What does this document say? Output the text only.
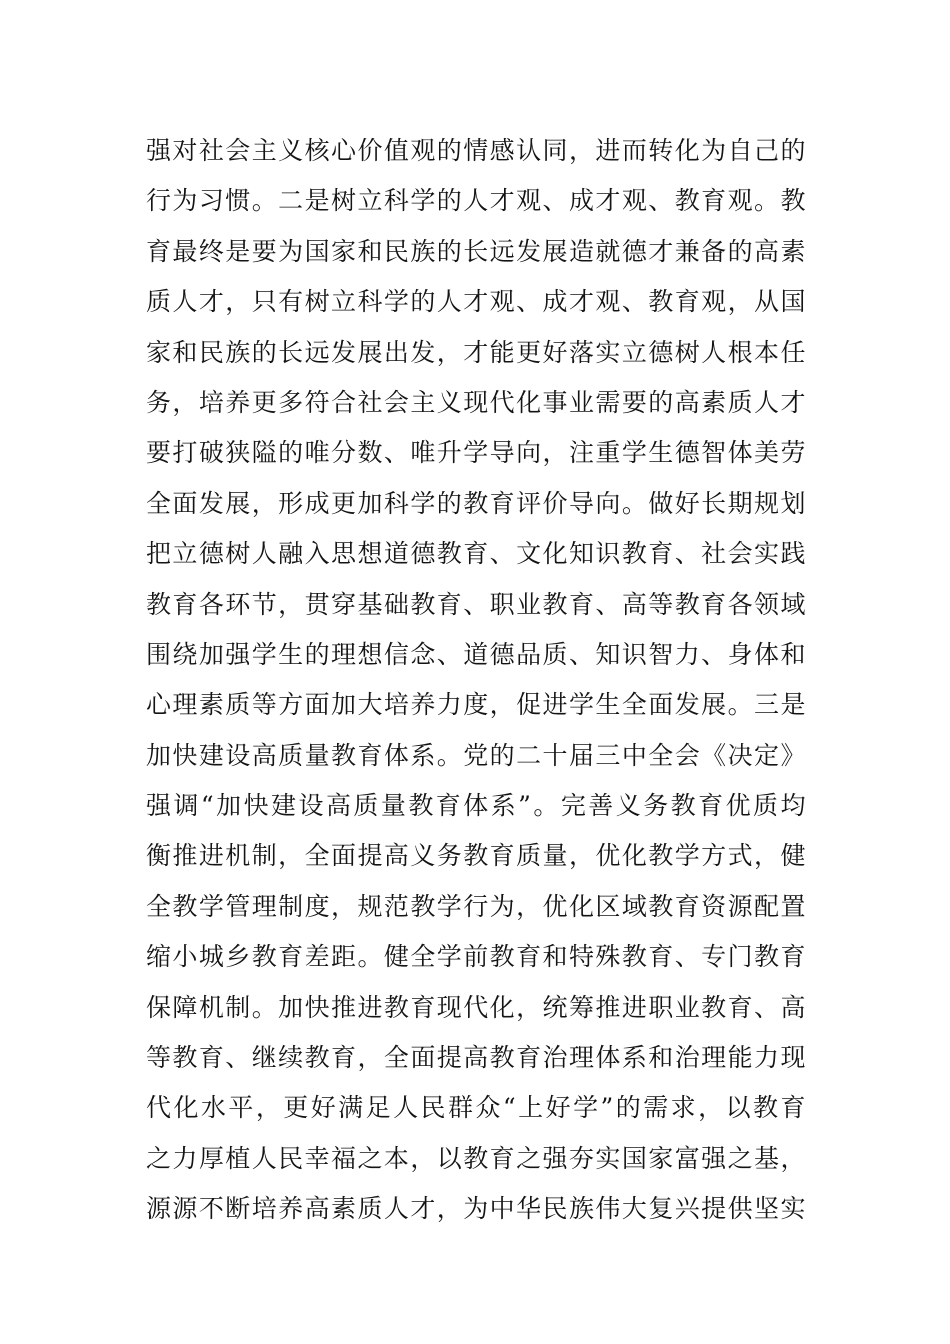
强对社会主义核心价值观的情感认同，进而转化为自己的
行为习惯。二是树立科学的人才观、成才观、教育观。教
育最终是要为国家和民族的长远发展造就德才兼备的高素
质人才，只有树立科学的人才观、成才观、教育观，从国
家和民族的长远发展出发，才能更好落实立德树人根本任
务，培养更多符合社会主义现代化事业需要的高素质人才
要打破狭隘的唯分数、唯升学导向，注重学生德智体美劳
全面发展，形成更加科学的教育评价导向。做好长期规划
把立德树人融入思想道德教育、文化知识教育、社会实践
教育各环节，贯穿基础教育、职业教育、高等教育各领域
围绕加强学生的理想信念、道德品质、知识智力、身体和
心理素质等方面加大培养力度，促进学生全面发展。三是
加快建设高质量教育体系。党的二十届三中全会《决定》
强调“加快建设高质量教育体系”。完善义务教育优质均
衡推进机制，全面提高义务教育质量，优化教学方式，健
全教学管理制度，规范教学行为，优化区域教育资源配置
缩小城乡教育差距。健全学前教育和特殊教育、专门教育
保障机制。加快推进教育现代化，统筹推进职业教育、高
等教育、继续教育，全面提高教育治理体系和治理能力现
代化水平，更好满足人民群众“上好学”的需求，以教育
之力厚植人民幸福之本，以教育之强夯实国家富强之基，
源源不断培养高素质人才，为中华民族伟大复兴提供坚实
